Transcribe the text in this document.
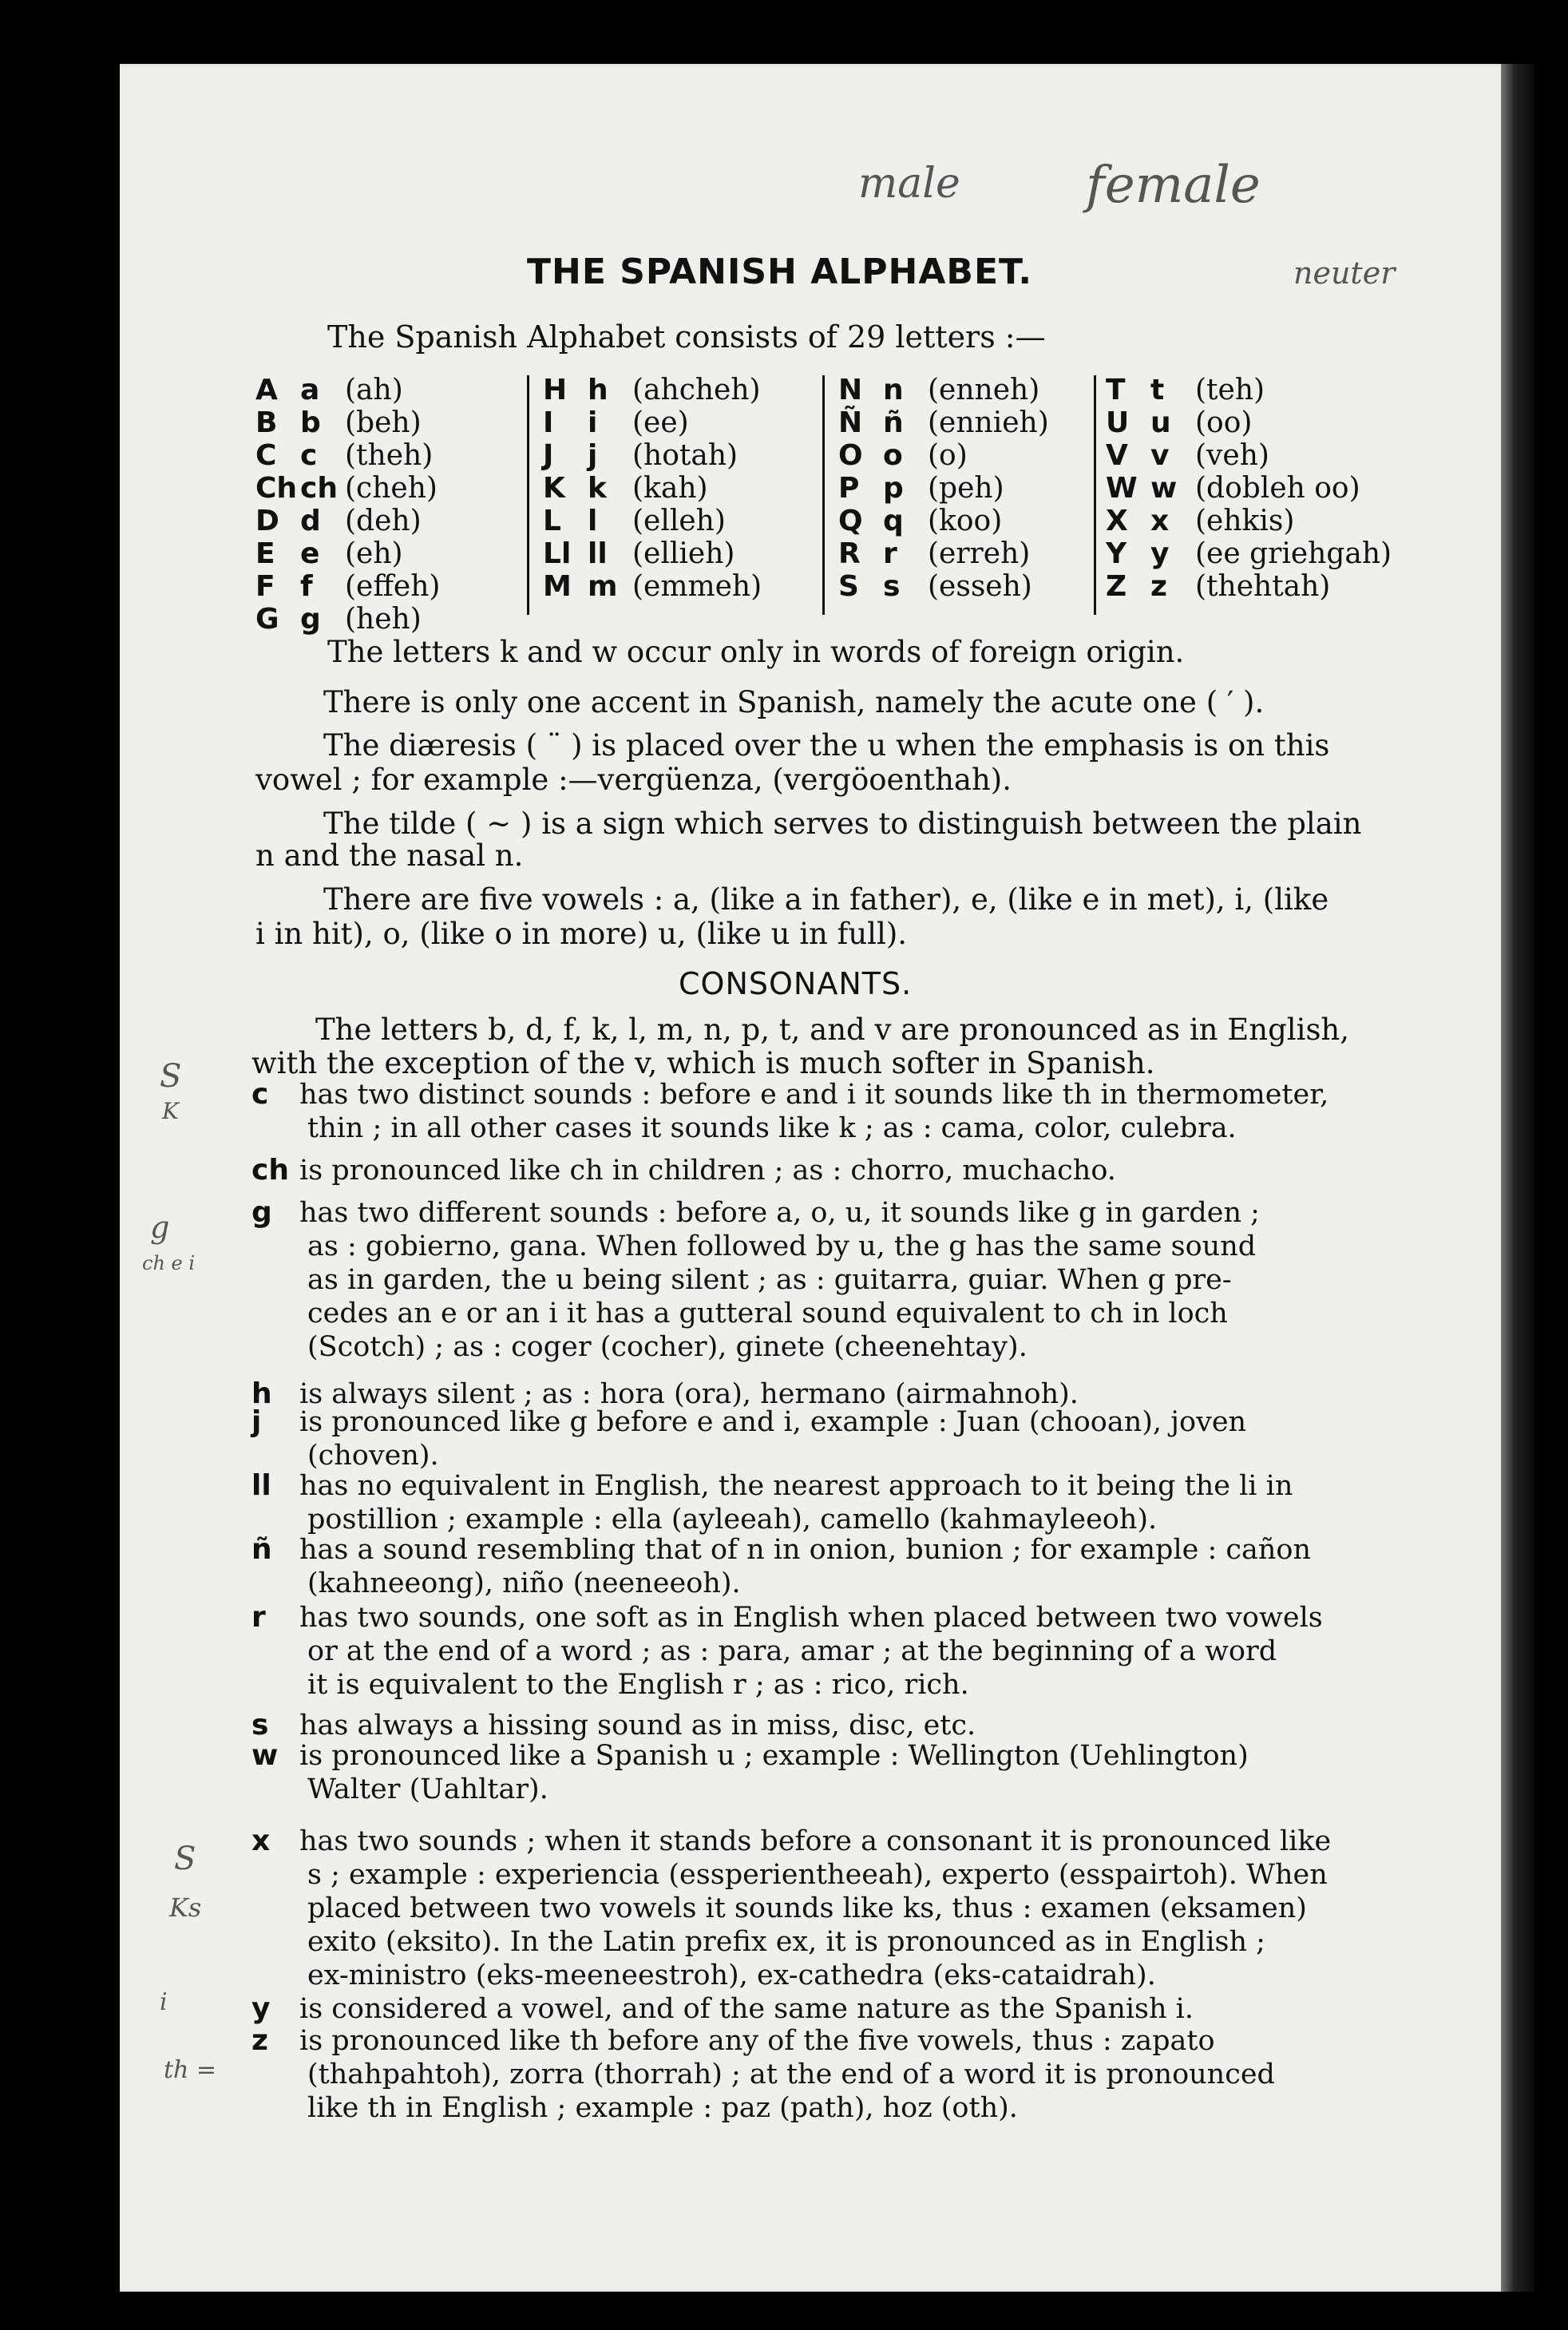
male female
neuter
S
K
g
ch e i
S
Ks
i
th =
THE SPANISH ALPHABET.
The Spanish Alphabet consists of 29 letters :—
A a (ah)
B b (beh)
C c (theh)
Ch ch (cheh)
D d (deh)
E e (eh)
F f (effeh)
G g (heh)
H h (ahcheh)
I i (ee)
J j (hotah)
K k (kah)
L l (elleh)
Ll ll (ellieh)
M m (emmeh)
N n (enneh)
Ñ ñ (ennieh)
O o (o)
P p (peh)
Q q (koo)
R r (erreh)
S s (esseh)
T t (teh)
U u (oo)
V v (veh)
W w (dobleh oo)
X x (ehkis)
Y y (ee griehgah)
Z z (thehtah)
The letters k and w occur only in words of foreign origin.
There is only one accent in Spanish, namely the acute one ( ′ ).
The diæresis ( ¨ ) is placed over the u when the emphasis is on this
vowel ; for example :—vergüenza, (vergöoenthah).
The tilde ( ~ ) is a sign which serves to distinguish between the plain
n and the nasal n.
There are five vowels : a, (like a in father), e, (like e in met), i, (like
i in hit), o, (like o in more) u, (like u in full).
CONSONANTS.
The letters b, d, f, k, l, m, n, p, t, and v are pronounced as in English,
with the exception of the v, which is much softer in Spanish.
c has two distinct sounds : before e and i it sounds like th in thermometer,
thin ; in all other cases it sounds like k ; as : cama, color, culebra.
ch is pronounced like ch in children ; as : chorro, muchacho.
g has two different sounds : before a, o, u, it sounds like g in garden ;
as : gobierno, gana. When followed by u, the g has the same sound
as in garden, the u being silent ; as : guitarra, guiar. When g pre-
cedes an e or an i it has a gutteral sound equivalent to ch in loch
(Scotch) ; as : coger (cocher), ginete (cheenehtay).
h is always silent ; as : hora (ora), hermano (airmahnoh).
j is pronounced like g before e and i, example : Juan (chooan), joven
(choven).
ll has no equivalent in English, the nearest approach to it being the li in
postillion ; example : ella (ayleeah), camello (kahmayleeoh).
ñ has a sound resembling that of n in onion, bunion ; for example : cañon
(kahneeong), niño (neeneeoh).
r has two sounds, one soft as in English when placed between two vowels
or at the end of a word ; as : para, amar ; at the beginning of a word
it is equivalent to the English r ; as : rico, rich.
s has always a hissing sound as in miss, disc, etc.
w is pronounced like a Spanish u ; example : Wellington (Uehlington)
Walter (Uahltar).
x has two sounds ; when it stands before a consonant it is pronounced like
s ; example : experiencia (essperientheeah), experto (esspairtoh). When
placed between two vowels it sounds like ks, thus : examen (eksamen)
exito (eksito). In the Latin prefix ex, it is pronounced as in English ;
ex-ministro (eks-meeneestroh), ex-cathedra (eks-cataidrah).
y is considered a vowel, and of the same nature as the Spanish i.
z is pronounced like th before any of the five vowels, thus : zapato
(thahpahtoh), zorra (thorrah) ; at the end of a word it is pronounced
like th in English ; example : paz (path), hoz (oth).
